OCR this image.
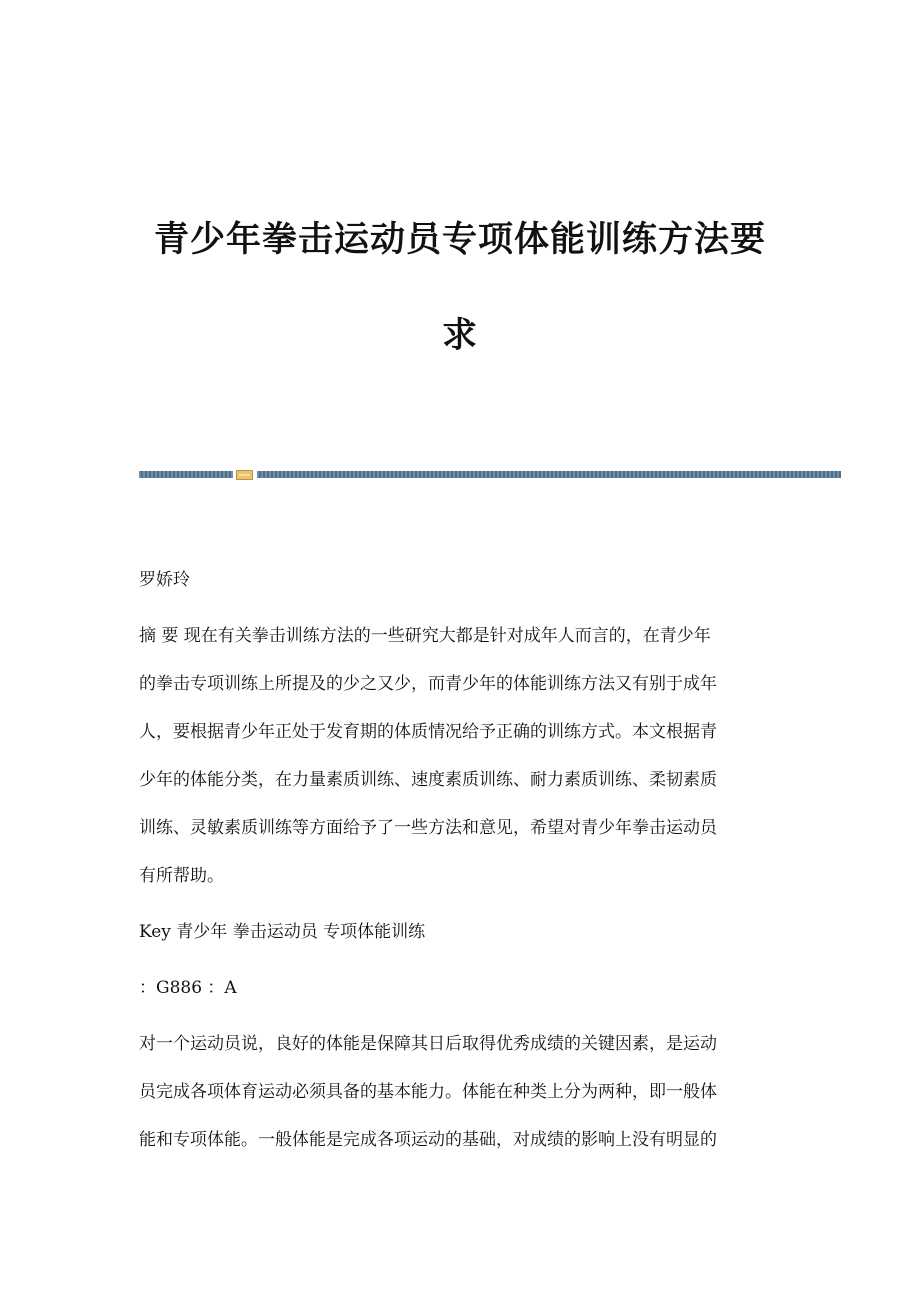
青少年拳击运动员专项体能训练方法要
求
罗娇玲
摘 要 现在有关拳击训练方法的一些研究大都是针对成年人而言的，在青少年
的拳击专项训练上所提及的少之又少，而青少年的体能训练方法又有别于成年
人，要根据青少年正处于发育期的体质情况给予正确的训练方式。本文根据青
少年的体能分类，在力量素质训练、速度素质训练、耐力素质训练、柔韧素质
训练、灵敏素质训练等方面给予了一些方法和意见，希望对青少年拳击运动员
有所帮助。
Key 青少年 拳击运动员 专项体能训练
：G886 ：A
对一个运动员说，良好的体能是保障其日后取得优秀成绩的关键因素，是运动
员完成各项体育运动必须具备的基本能力。体能在种类上分为两种，即一般体
能和专项体能。一般体能是完成各项运动的基础，对成绩的影响上没有明显的
